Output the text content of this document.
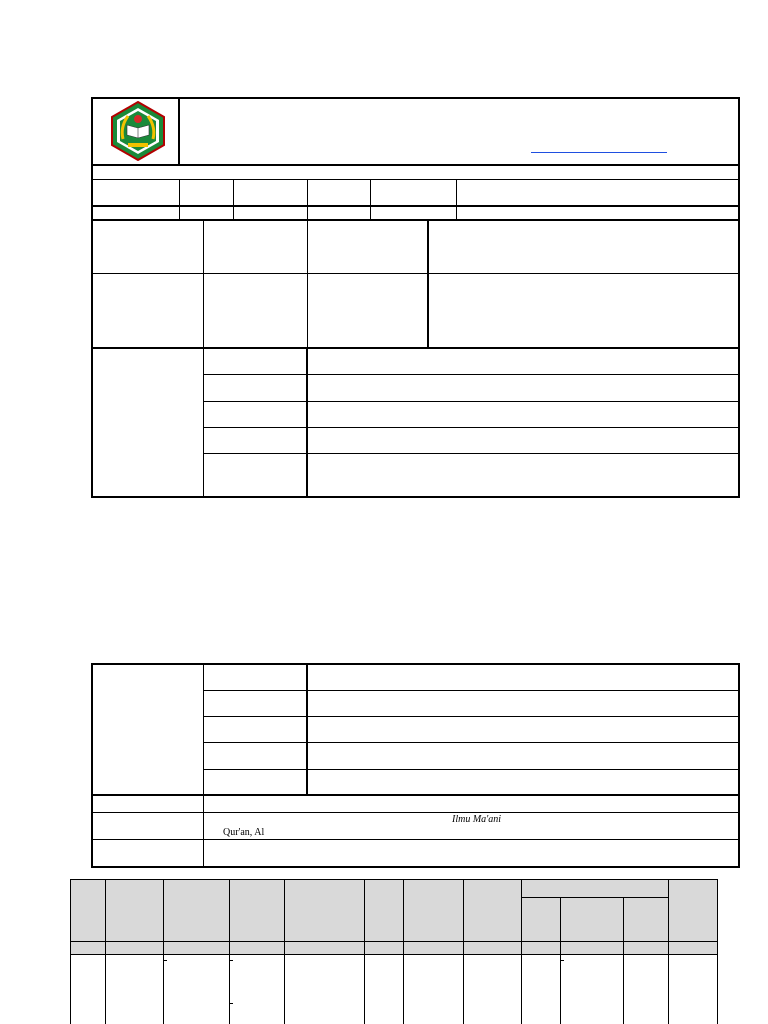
Ilmu Ma'ani
Qur'an, Al
